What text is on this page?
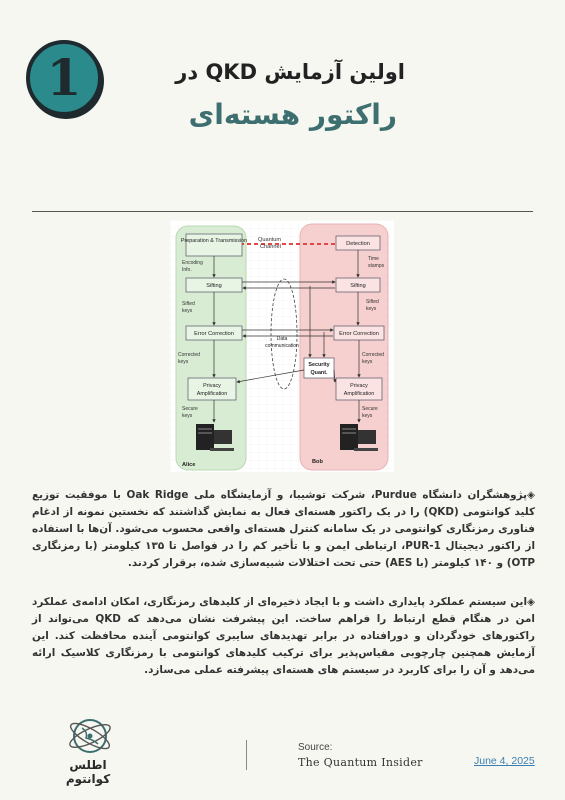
1	اولین آزمایش QKD در
راکتور هسته‌ای
Quantum
Channel
Preparation & Transmission
Sifting
Error Correction
Privacy
Amplification
Detection
Sifting
Error Correction
Privacy
Amplification
Security
Quant.
Data
communication
Encoding
Info.
Sifted
keys
Corrected
keys
Secure
keys
Time
stamps
Sifted
keys
Corrected
keys
Secure
keys
Alice	Bob
◈پژوهشگران دانشگاه Purdue، شرکت توشیبا، و آزمایشگاه ملی Oak Ridge با موفقیت توزیع کلید کوانتومی (QKD) را در یک راکتور هسته‌ای فعال به نمایش گذاشتند که نخستین نمونه از ادغام فناوری رمزنگاری کوانتومی در یک سامانه کنترل هسته‌ای واقعی محسوب می‌شود. آن‌ها با استفاده از راکتور دیجیتال PUR-1، ارتباطی ایمن و با تأخیر کم را در فواصل تا ۱۳۵ کیلومتر (با رمزنگاری OTP) و ۱۴۰ کیلومتر (با AES) حتی تحت اختلالات شبیه‌سازی شده، برقرار کردند.
◈این سیستم عملکرد پایداری داشت و با ایجاد ذخیره‌ای از کلیدهای رمزنگاری، امکان ادامه‌ی عملکرد امن در هنگام قطع ارتباط را فراهم ساخت. این پیشرفت نشان می‌دهد که QKD می‌تواند از راکتورهای خودگردان و دورافتاده در برابر تهدیدهای سایبری کوانتومی آینده محافظت کند. این آزمایش همچنین چارچوبی مقیاس‌پذیر برای ترکیب کلیدهای کوانتومی با رمزنگاری کلاسیک ارائه می‌دهد و آن را برای کاربرد در سیستم های هسته‌ای پیشرفته عملی می‌سازد.
اطلس کوانتوم
Source:
The Quantum Insider	June 4, 2025
